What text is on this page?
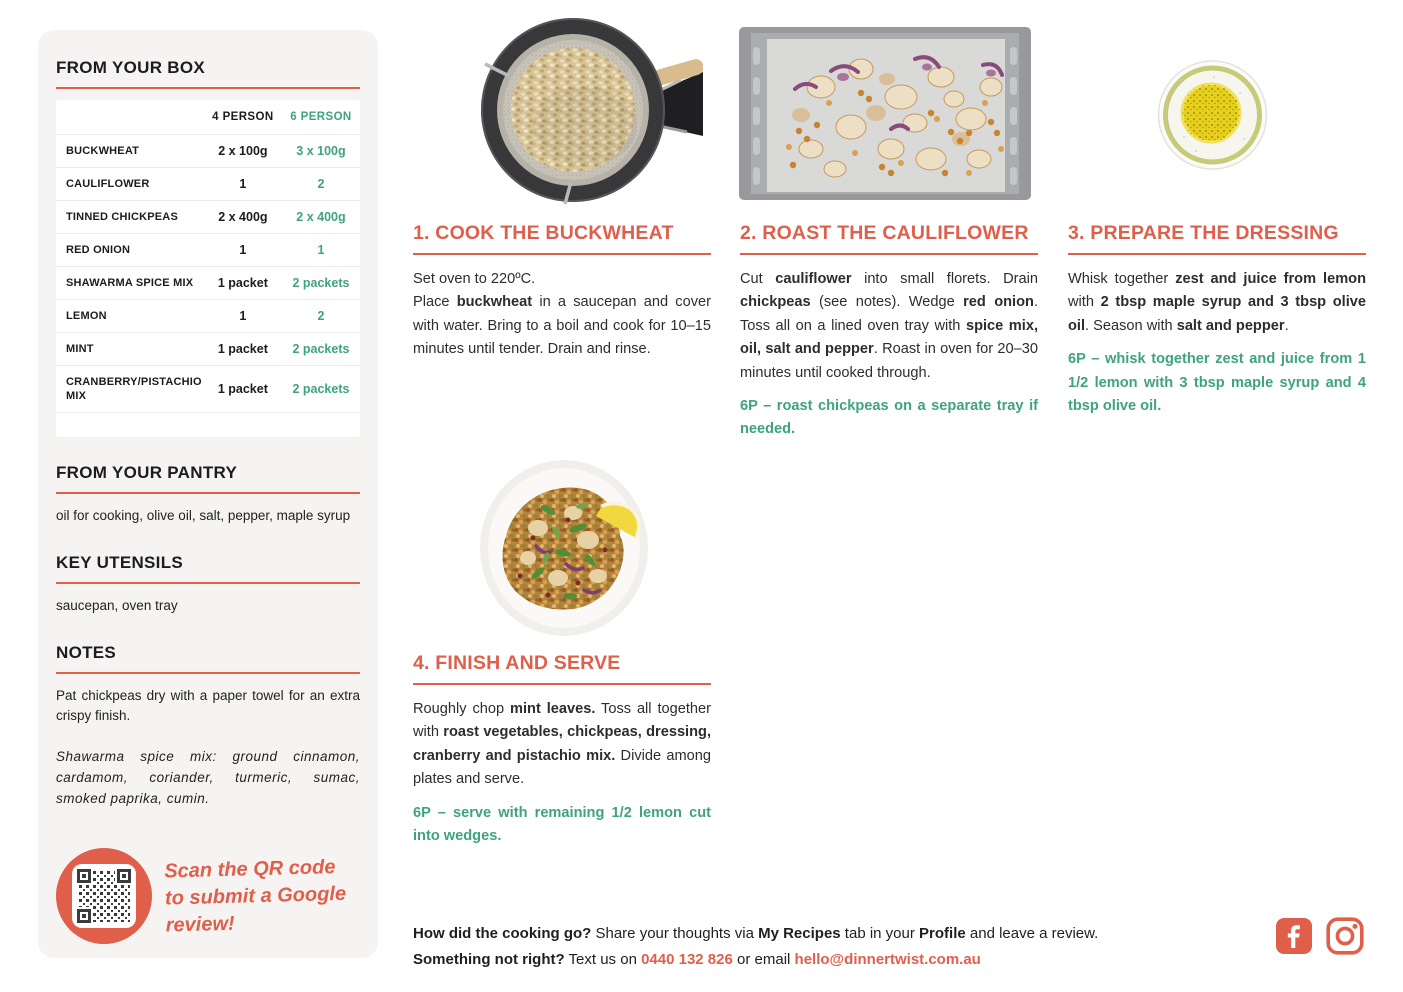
FROM YOUR BOX
	4 PERSON	6 PERSON
BUCKWHEAT	2 x 100g	3 x 100g
CAULIFLOWER	1	2
TINNED CHICKPEAS	2 x 400g	2 x 400g
RED ONION	1	1
SHAWARMA SPICE MIX	1 packet	2 packets
LEMON	1	2
MINT	1 packet	2 packets
CRANBERRY/PISTACHIO MIX	1 packet	2 packets

FROM YOUR PANTRY

oil for cooking, olive oil, salt, pepper, maple syrup

KEY UTENSILS

saucepan, oven tray

NOTES

Pat chickpeas dry with a paper towel for an extra crispy finish.

Shawarma spice mix: ground cinnamon, cardamom, coriander, turmeric, sumac, smoked paprika, cumin.

Scan the QR code to submit a Google review!
1. COOK THE BUCKWHEAT

Set oven to 220ºC.

Place buckwheat in a saucepan and cover with water. Bring to a boil and cook for 10–15 minutes until tender. Drain and rinse.

2. ROAST THE CAULIFLOWER

Cut cauliflower into small florets. Drain chickpeas (see notes). Wedge red onion. Toss all on a lined oven tray with spice mix, oil, salt and pepper. Roast in oven for 20–30 minutes until cooked through.

6P – roast chickpeas on a separate tray if needed.

3. PREPARE THE DRESSING

Whisk together zest and juice from lemon with 2 tbsp maple syrup and 3 tbsp olive oil. Season with salt and pepper.

6P – whisk together zest and juice from 1 1/2 lemon with 3 tbsp maple syrup and 4 tbsp olive oil.

4. FINISH AND SERVE

Roughly chop mint leaves. Toss all together with roast vegetables, chickpeas, dressing, cranberry and pistachio mix. Divide among plates and serve.

6P – serve with remaining 1/2 lemon cut into wedges.

How did the cooking go? Share your thoughts via My Recipes tab in your Profile and leave a review.

Something not right? Text us on 0440 132 826 or email hello@dinnertwist.com.au
